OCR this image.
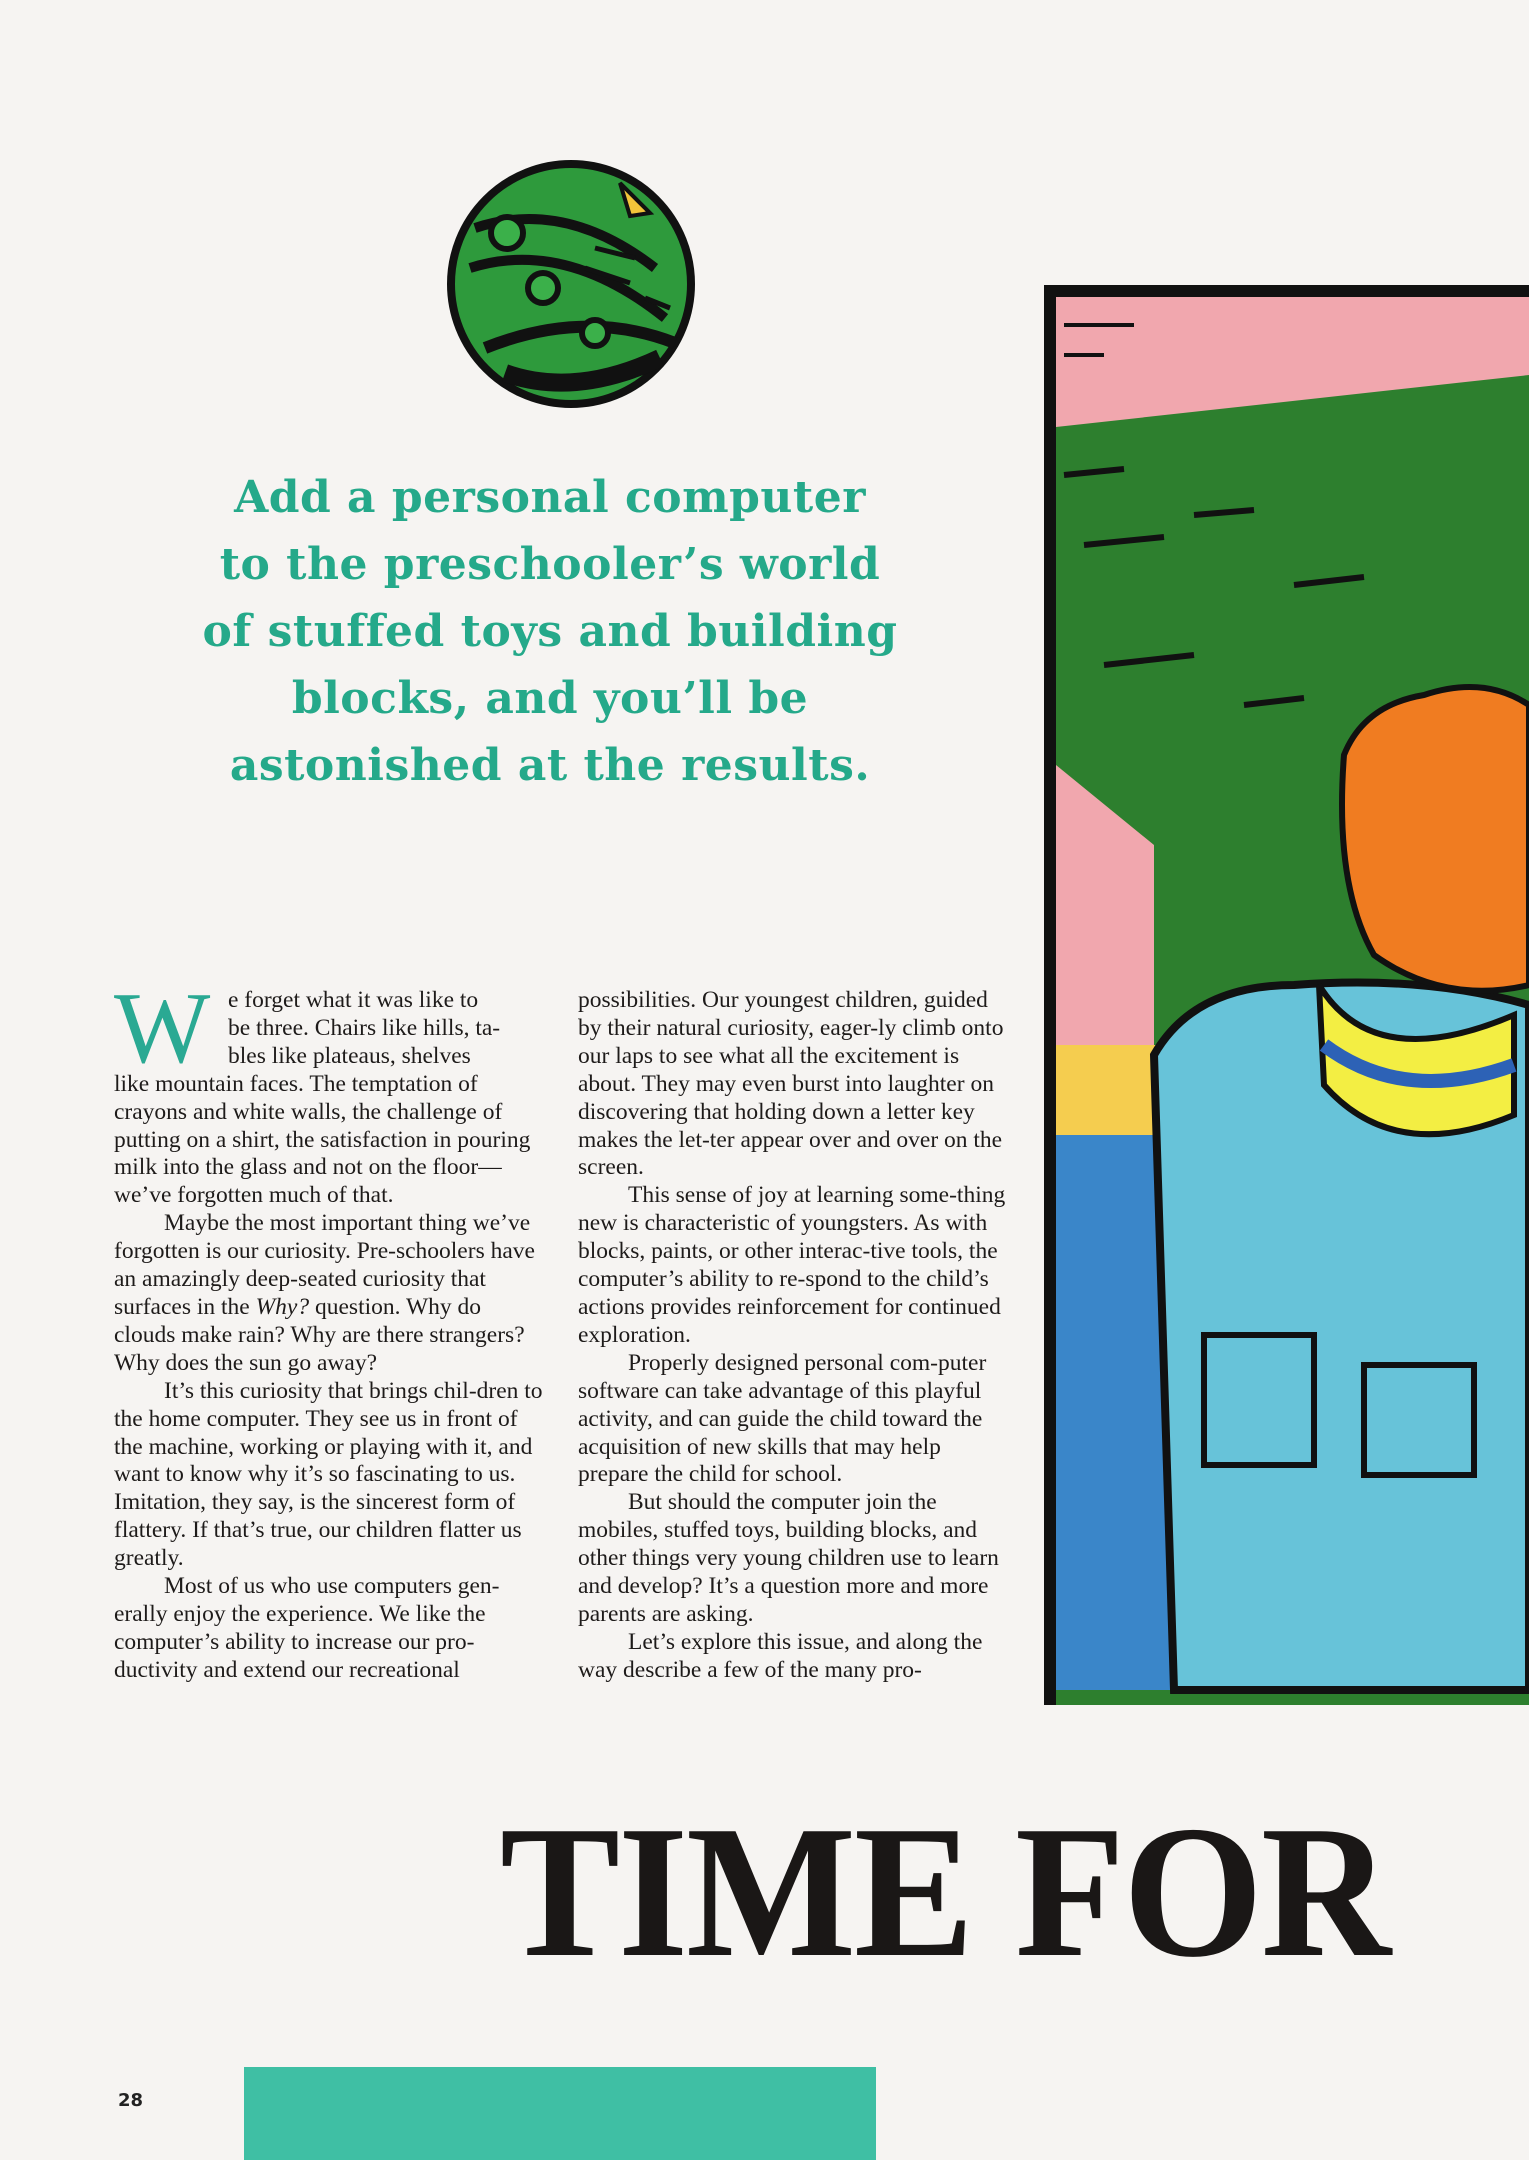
Add a personal computer
to the preschooler’s world
of stuffed toys and building
blocks, and you’ll be
astonished at the results.
W e forget what it was like to
be three. Chairs like hills, ta-
bles like plateaus, shelves

like mountain faces. The temptation of crayons and white walls, the challenge of putting on a shirt, the satisfaction in pouring milk into the glass and not on the floor—we’ve forgotten much of that.

Maybe the most important thing we’ve forgotten is our curiosity. Pre-schoolers have an amazingly deep-seated curiosity that surfaces in the Why? question. Why do clouds make rain? Why are there strangers? Why does the sun go away?

It’s this curiosity that brings chil-dren to the home computer. They see us in front of the machine, working or playing with it, and want to know why it’s so fascinating to us. Imitation, they say, is the sincerest form of flattery. If that’s true, our children flatter us greatly.

Most of us who use computers gen-erally enjoy the experience. We like the computer’s ability to increase our pro-ductivity and extend our recreational

possibilities. Our youngest children, guided by their natural curiosity, eager-ly climb onto our laps to see what all the excitement is about. They may even burst into laughter on discovering that holding down a letter key makes the let-ter appear over and over on the screen.

This sense of joy at learning some-thing new is characteristic of youngsters. As with blocks, paints, or other interac-tive tools, the computer’s ability to re-spond to the child’s actions provides reinforcement for continued exploration.

Properly designed personal com-puter software can take advantage of this playful activity, and can guide the child toward the acquisition of new skills that may help prepare the child for school.

But should the computer join the mobiles, stuffed toys, building blocks, and other things very young children use to learn and develop? It’s a question more and more parents are asking.

Let’s explore this issue, and along the way describe a few of the many pro-

TIME FOR
28
